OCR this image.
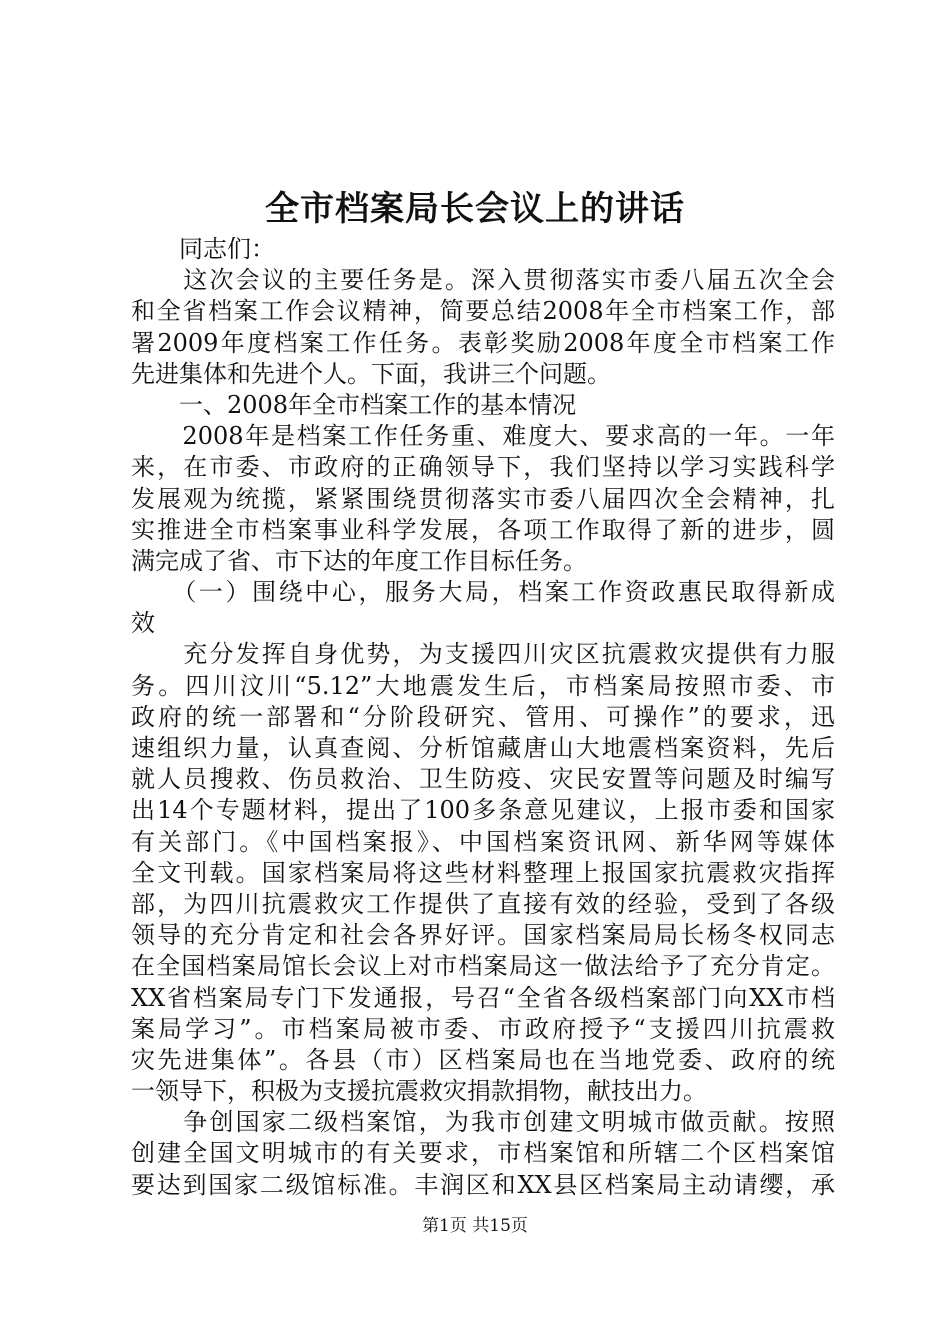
全市档案局长会议上的讲话
　　同志们：
　　这次会议的主要任务是。深入贯彻落实市委八届五次全会
和全省档案工作会议精神，简要总结2008年全市档案工作，部
署2009年度档案工作任务。表彰奖励2008年度全市档案工作
先进集体和先进个人。下面，我讲三个问题。
　　一、2008年全市档案工作的基本情况
　　2008年是档案工作任务重、难度大、要求高的一年。一年
来，在市委、市政府的正确领导下，我们坚持以学习实践科学
发展观为统揽，紧紧围绕贯彻落实市委八届四次全会精神，扎
实推进全市档案事业科学发展，各项工作取得了新的进步，圆
满完成了省、市下达的年度工作目标任务。
　　（一）围绕中心，服务大局，档案工作资政惠民取得新成
效
　　充分发挥自身优势，为支援四川灾区抗震救灾提供有力服
务。四川汶川“5.12”大地震发生后，市档案局按照市委、市
政府的统一部署和“分阶段研究、管用、可操作”的要求，迅
速组织力量，认真查阅、分析馆藏唐山大地震档案资料，先后
就人员搜救、伤员救治、卫生防疫、灾民安置等问题及时编写
出14个专题材料，提出了100多条意见建议，上报市委和国家
有关部门。《中国档案报》、中国档案资讯网、新华网等媒体
全文刊载。国家档案局将这些材料整理上报国家抗震救灾指挥
部，为四川抗震救灾工作提供了直接有效的经验，受到了各级
领导的充分肯定和社会各界好评。国家档案局局长杨冬权同志
在全国档案局馆长会议上对市档案局这一做法给予了充分肯定。
XX省档案局专门下发通报，号召“全省各级档案部门向XX市档
案局学习”。市档案局被市委、市政府授予“支援四川抗震救
灾先进集体”。各县（市）区档案局也在当地党委、政府的统
一领导下，积极为支援抗震救灾捐款捐物，献技出力。
　　争创国家二级档案馆，为我市创建文明城市做贡献。按照
创建全国文明城市的有关要求，市档案馆和所辖二个区档案馆
要达到国家二级馆标准。丰润区和XX县区档案局主动请缨，承
第1页 共15页
